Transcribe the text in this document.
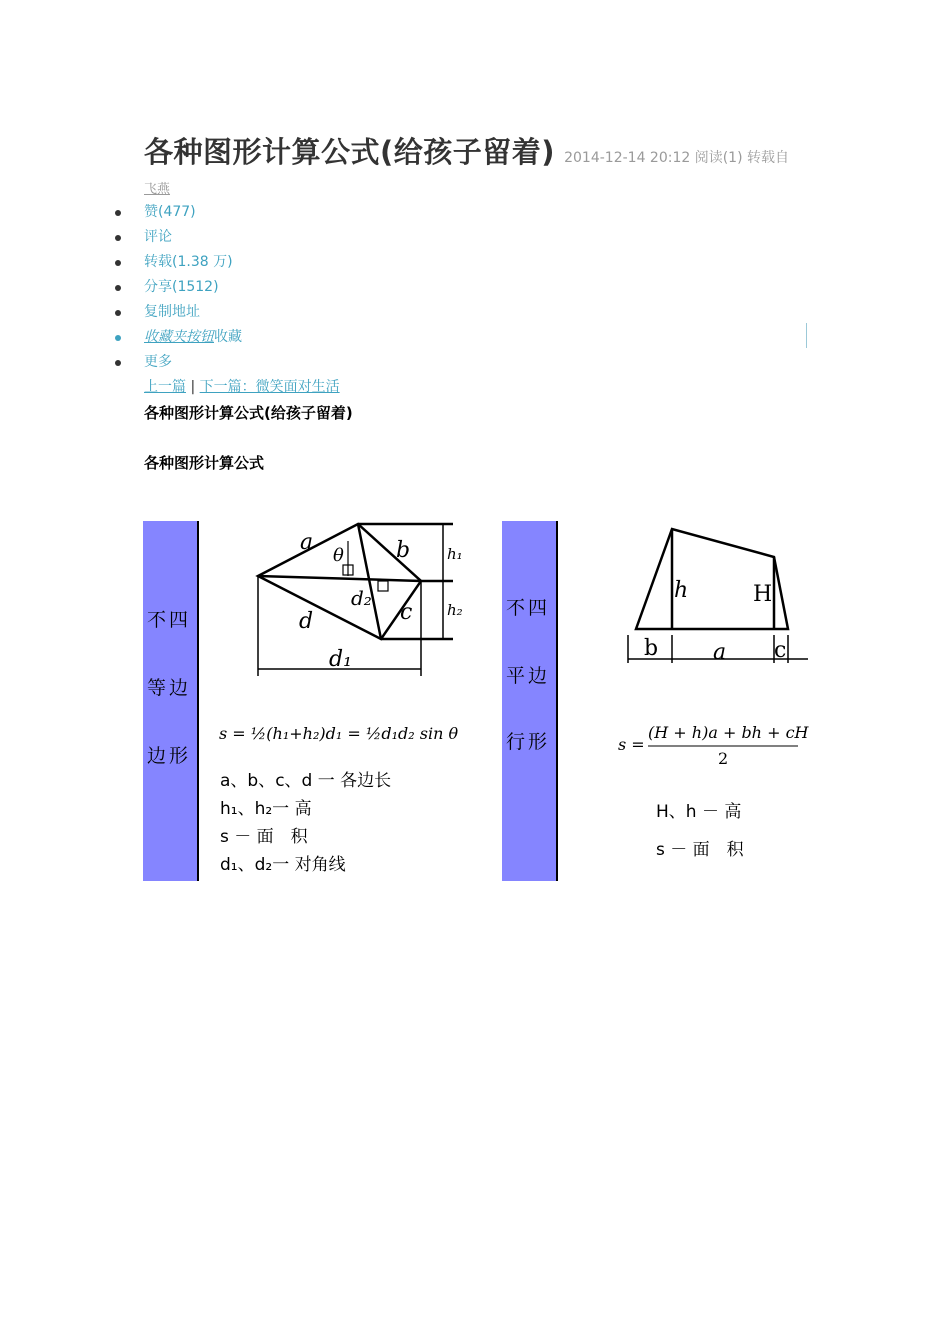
各种图形计算公式(给孩子留着) 2014-12-14 20:12 阅读(1) 转载自
飞燕
赞(477)
评论
转载(1.38 万)
分享(1512)
复制地址
收藏夹按钮收藏
更多
上一篇 | 下一篇：微笑面对生活
各种图形计算公式(给孩子留着)
各种图形计算公式
不四
等边
边形
a
θ b
d₂
d	c
h₁
h₂
d₁
s = ½(h₁+h₂)d₁ = ½d₁d₂ sin θ
a、b、c、d 一 各边长
h₁、h₂一 高
s － 面　积
d₁、d₂一 对角线
不四
平边
行形
h	H
b a c
s =
(H + h)a + bh + cH
2
H、h － 高
s － 面　积
